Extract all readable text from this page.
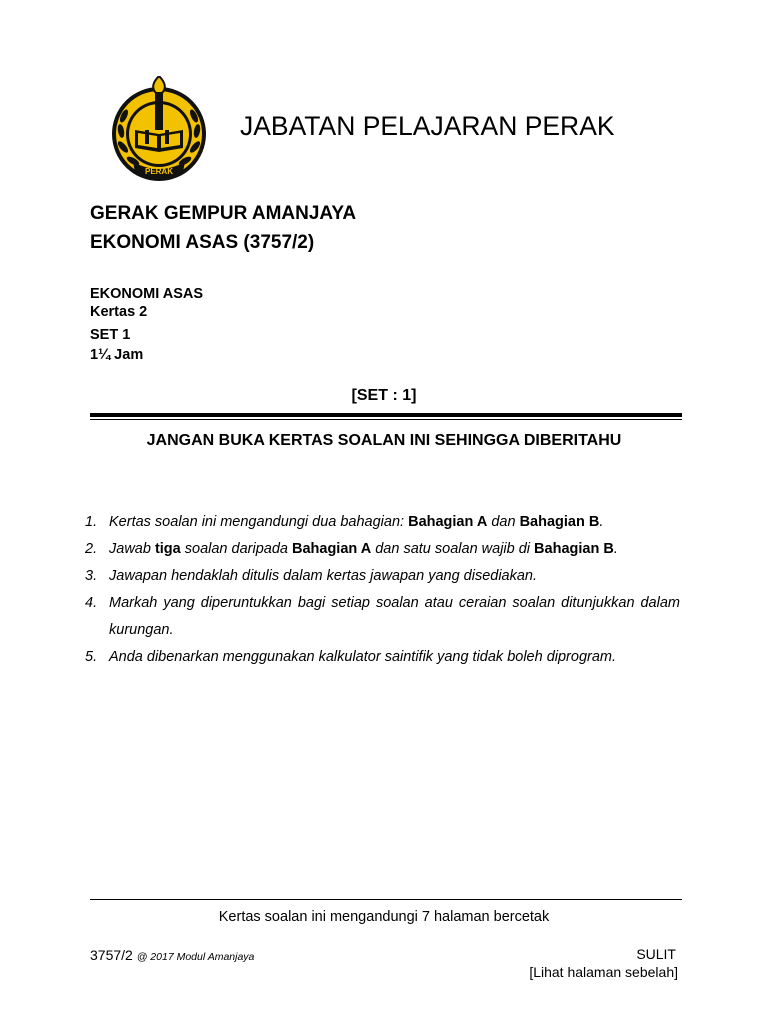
PERAK
JABATAN PELAJARAN PERAK
GERAK GEMPUR AMANJAYA
EKONOMI ASAS (3757/2)
EKONOMI ASAS
Kertas 2
SET 1
1¼ Jam
[SET : 1]
JANGAN BUKA KERTAS SOALAN INI SEHINGGA DIBERITAHU
1. Kertas soalan ini mengandungi dua bahagian: Bahagian A dan Bahagian B.
2. Jawab tiga soalan daripada Bahagian A dan satu soalan wajib di Bahagian B.
3. Jawapan hendaklah ditulis dalam kertas jawapan yang disediakan.
4. Markah yang diperuntukkan bagi setiap soalan atau ceraian soalan ditunjukkan dalam kurungan.
5. Anda dibenarkan menggunakan kalkulator saintifik yang tidak boleh diprogram.
Kertas soalan ini mengandungi 7 halaman bercetak
3757/2 @ 2017 Modul Amanjaya	SULIT
[Lihat halaman sebelah]
